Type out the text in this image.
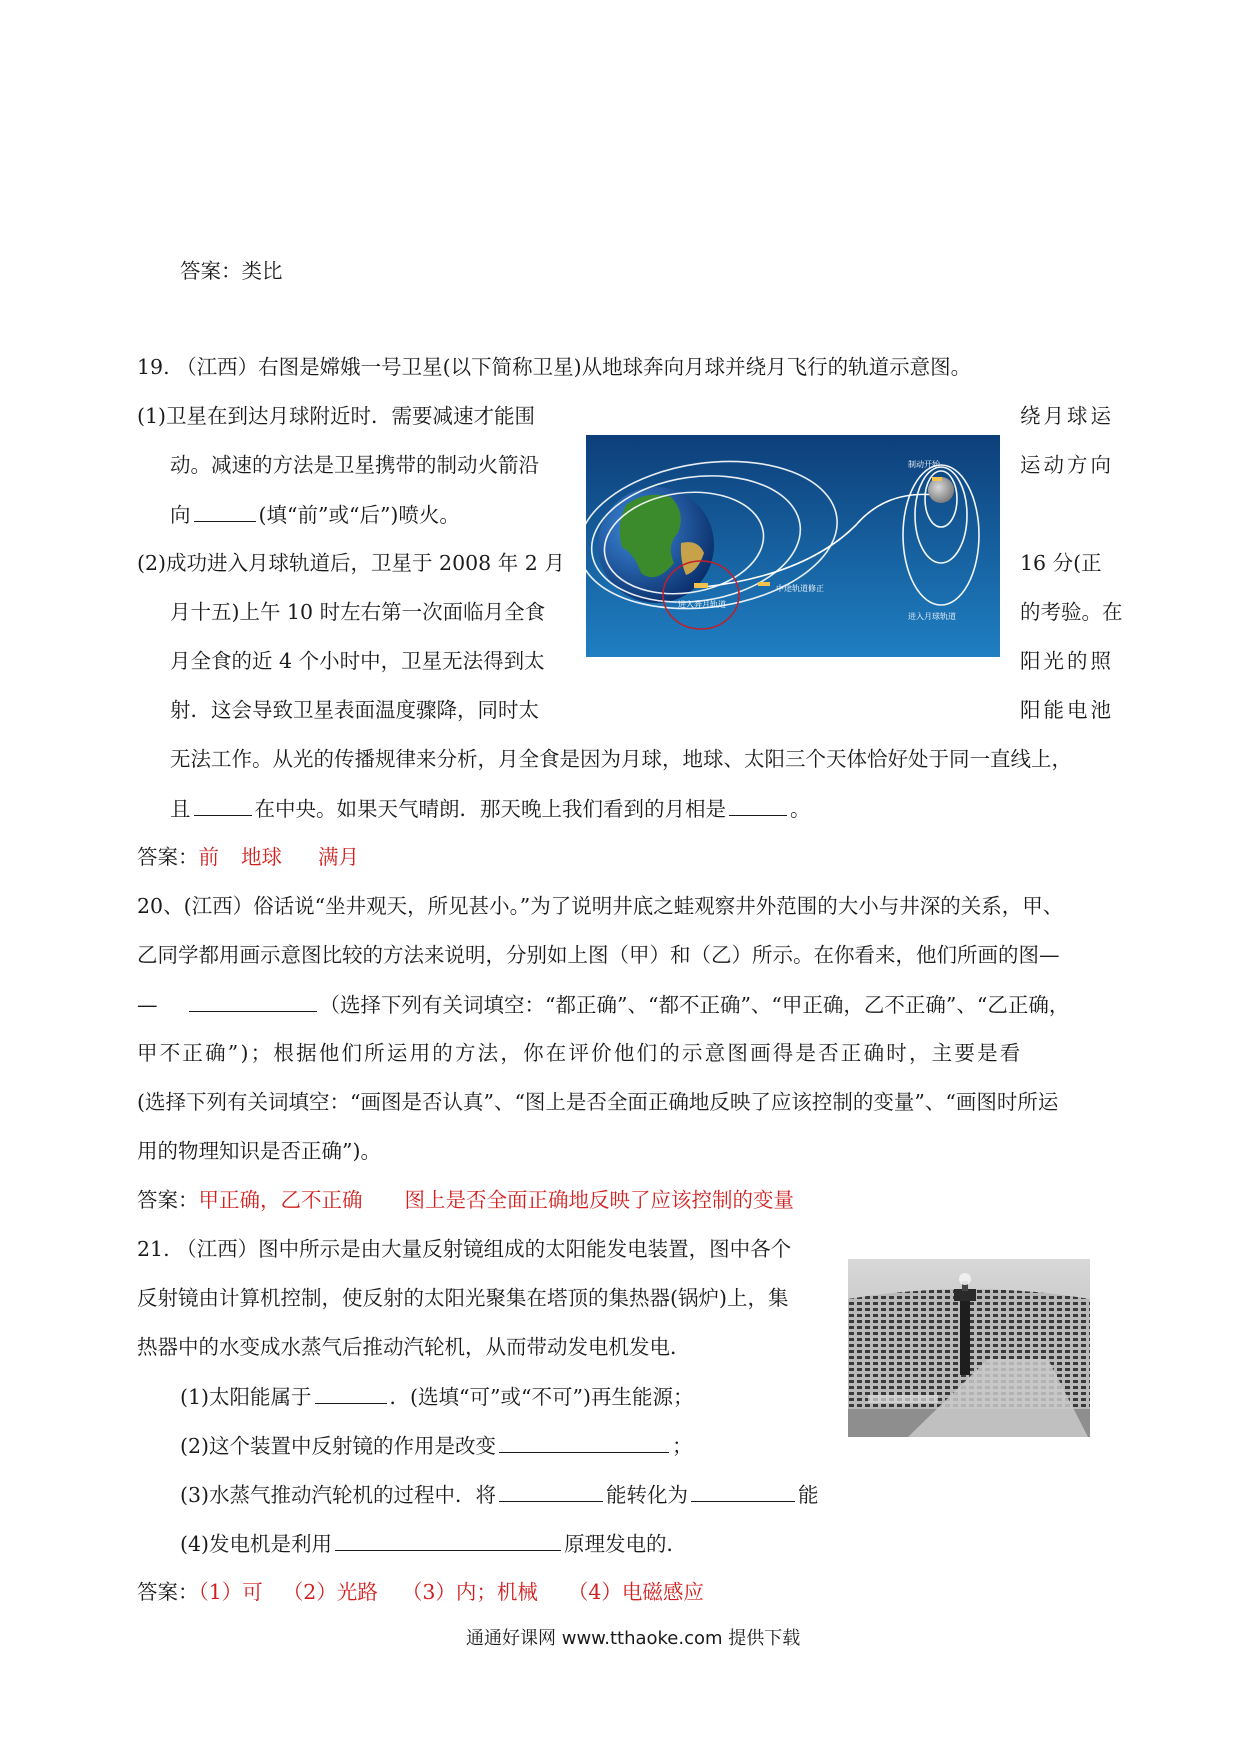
答案：类比
19. （江西）右图是嫦娥一号卫星(以下简称卫星)从地球奔向月球并绕月飞行的轨道示意图。
(1)卫星在到达月球附近时．需要减速才能围	绕月球运
动。减速的方法是卫星携带的制动火箭沿	运动方向
向	(填“前”或“后”)喷火。
(2)成功进入月球轨道后，卫星于 2008 年 2 月	16 分(正
月十五)上午 10 时左右第一次面临月全食	的考验。在
月全食的近 4 个小时中，卫星无法得到太	阳光的照
射．这会导致卫星表面温度骤降，同时太	阳能电池
无法工作。从光的传播规律来分析，月全食是因为月球，地球、太阳三个天体恰好处于同一直线上，
且	在中央。如果天气晴朗．那天晚上我们看到的月相是	。
答案：前 地球 满月
制动开始
进入奔月轨道
中途轨道修正
进入月球轨道
20、(江西）俗话说“坐井观天，所见甚小。”为了说明井底之蛙观察井外范围的大小与井深的关系，甲、
乙同学都用画示意图比较的方法来说明，分别如上图（甲）和（乙）所示。在你看来，他们所画的图—
—	（选择下列有关词填空：“都正确”、“都不正确”、“甲正确，乙不正确”、“乙正确，
甲不正确”)；根据他们所运用的方法，你在评价他们的示意图画得是否正确时，主要是看
(选择下列有关词填空：“画图是否认真”、“图上是否全面正确地反映了应该控制的变量”、“画图时所运
用的物理知识是否正确”)。
答案：甲正确，乙不正确 图上是否全面正确地反映了应该控制的变量
21. （江西）图中所示是由大量反射镜组成的太阳能发电装置，图中各个
反射镜由计算机控制，使反射的太阳光聚集在塔顶的集热器(锅炉)上，集
热器中的水变成水蒸气后推动汽轮机，从而带动发电机发电．
(1)太阳能属于	．(选填“可”或“不可”)再生能源；
(2)这个装置中反射镜的作用是改变	；
(3)水蒸气推动汽轮机的过程中．将	能转化为	能
(4)发电机是利用	原理发电的．
答案：（1）可 （2）光路 （3）内；机械 （4）电磁感应
通通好课网 www.tthaoke.com 提供下载
